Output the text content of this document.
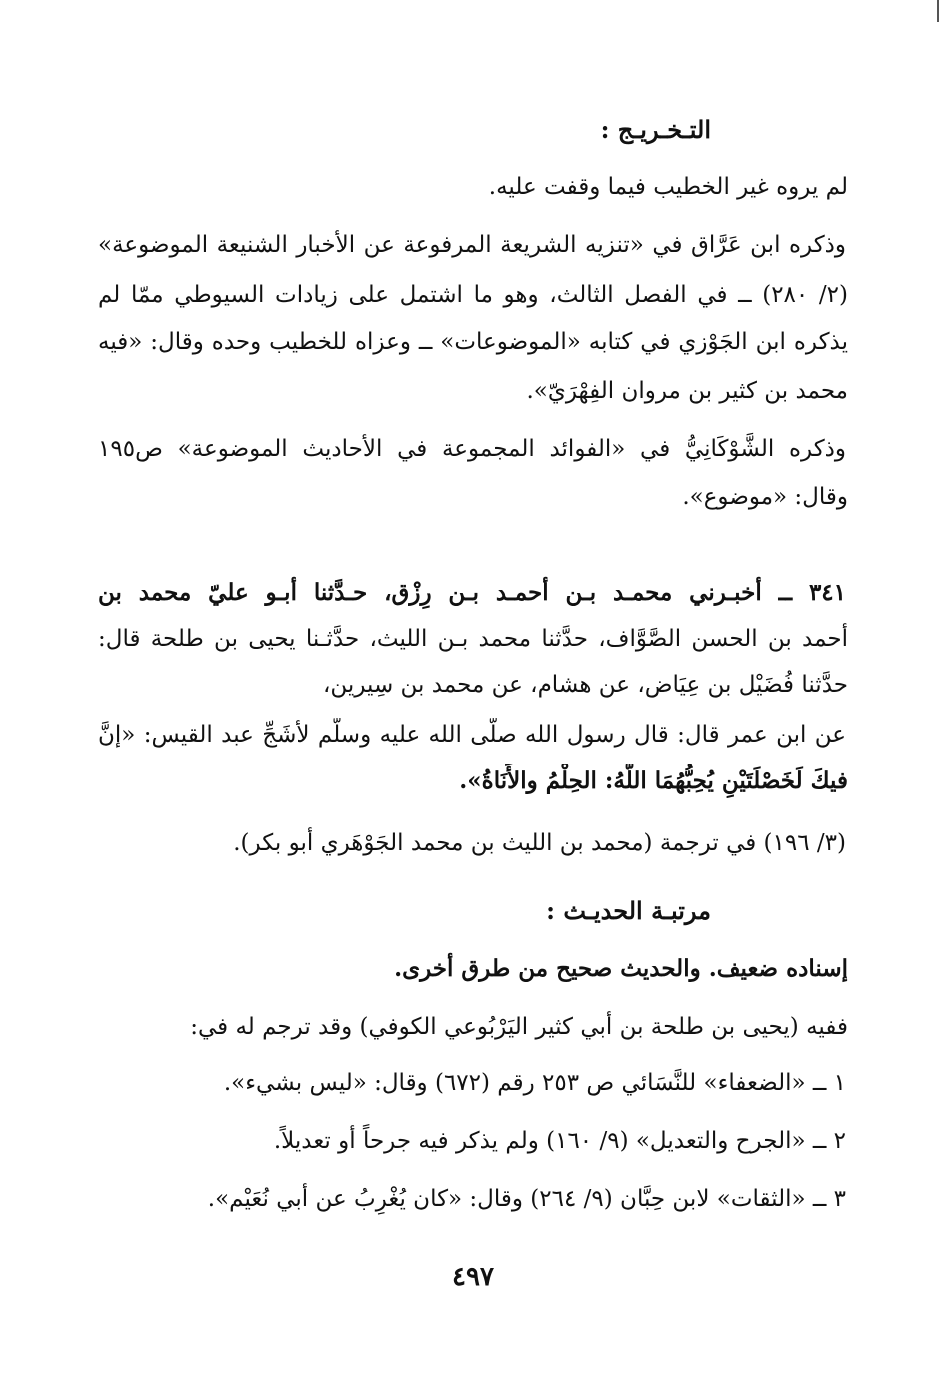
التـخـريـج :
لم يروه غير الخطيب فيما وقفت عليه.
وذكره ابن عَرَّاق في «تنزيه الشريعة المرفوعة عن الأخبار الشنيعة الموضوعة»
(٢/ ٢٨٠) ــ في الفصل الثالث، وهو ما اشتمل على زيادات السيوطي ممّا لم
يذكره ابن الجَوْزي في كتابه «الموضوعات» ــ وعزاه للخطيب وحده وقال: «فيه
محمد بن كثير بن مروان الفِهْرَيّ».
وذكره الشَّوْكَانِيُّ في «الفوائد المجموعة في الأحاديث الموضوعة» ص١٩٥
وقال: «موضوع».
٣٤١ ــ أخبـرني محمـد بـن أحمـد بـن رِزْق، حـدَّثنا أبـو عليّ محمد بن
أحمد بن الحسن الصَّوَّاف، حدَّثنا محمد بـن الليث، حدَّثـنا يحيى بن طلحة قال:
حدَّثنا فُضَيْل بن عِيَاض، عن هشام، عن محمد بن سِيرين،
عن ابن عمر قال: قال رسول الله صلَّى الله عليه وسلَّم لأشَجِّ عبد القيس: «إنَّ
فيكَ لَخَصْلَتَيْنِ يُحِبُّهُمَا اللَّهُ: الحِلْمُ والأَنَاةُ».
(٣/ ١٩٦) في ترجمة (محمد بن الليث بن محمد الجَوْهَري أبو بكر).
مرتبـة الحديـث :
إسناده ضعيف. والحديث صحيح من طرق أخرى.
ففيه (يحيى بن طلحة بن أبي كثير اليَرْبُوعي الكوفي) وقد ترجم له في:
١ ــ «الضعفاء» للنَّسَائي ص ٢٥٣ رقم (٦٧٢) وقال: «ليس بشيء».
٢ ــ «الجرح والتعديل» (٩/ ١٦٠) ولم يذكر فيه جرحاً أو تعديلاً.
٣ ــ «الثقات» لابن حِبَّان (٩/ ٢٦٤) وقال: «كان يُغْرِبُ عن أبي نُعَيْم».
٤٩٧
